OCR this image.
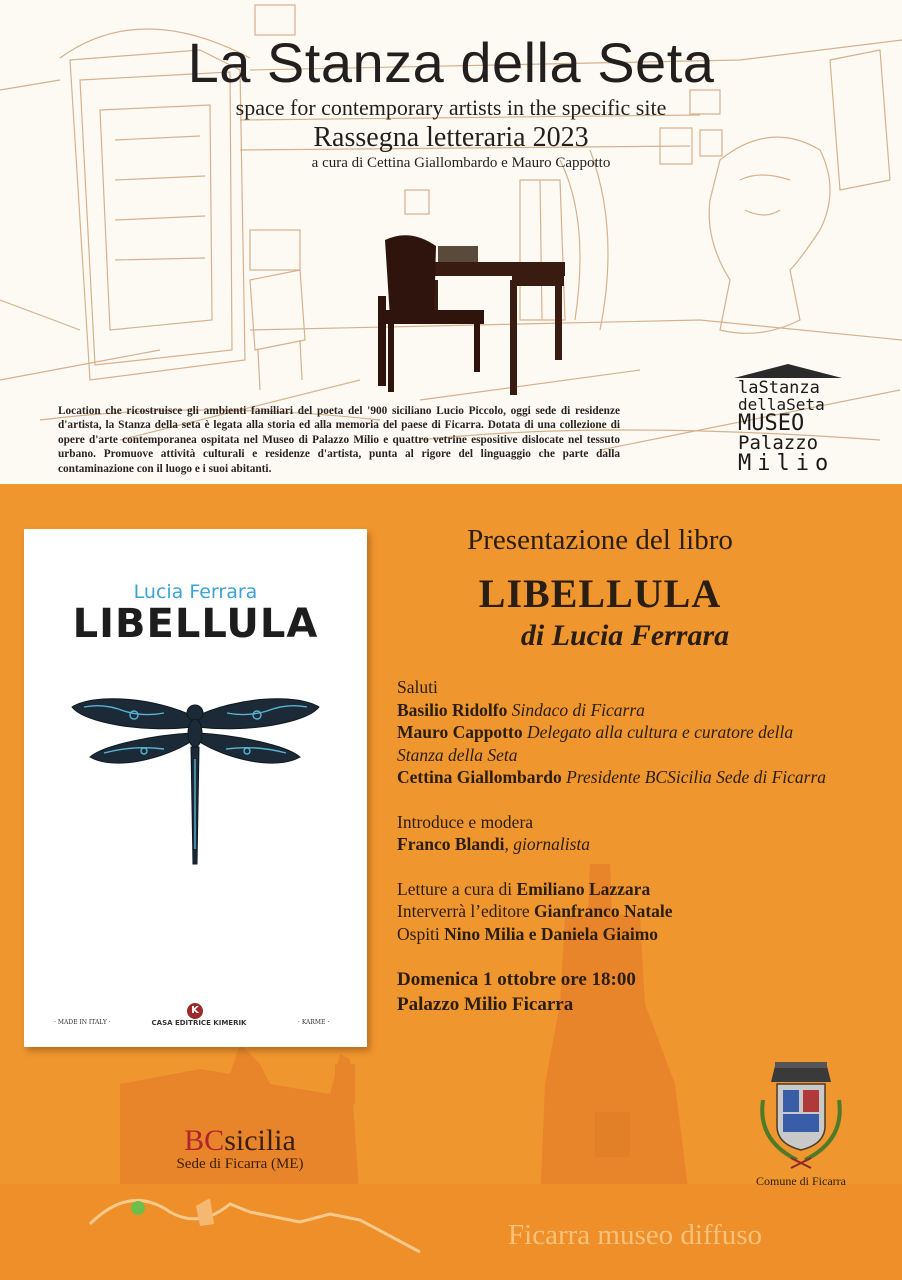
La Stanza della Seta
space for contemporary artists in the specific site
Rassegna letteraria 2023
a cura di Cettina Giallombardo e Mauro Cappotto
Location che ricostruisce gli ambienti familiari del poeta del '900 siciliano Lucio Piccolo, oggi sede di residenze d'artista, la Stanza della seta è legata alla storia ed alla memoria del paese di Ficarra. Dotata di una collezione di opere d'arte contemporanea ospitata nel Museo di Palazzo Milio e quattro vetrine espositive dislocate nel tessuto urbano. Promuove attività culturali e residenze d'artista, punta al rigore del linguaggio che parte dalla contaminazione con il luogo e i suoi abitanti.
laStanza
dellaSeta
MUSEO
Palazzo
Milio
Lucia Ferrara
LIBELLULA
· MADE IN ITALY ·
K
CASA EDITRICE KIMERIK	· KARME ·
Presentazione del libro
LIBELLULA
di Lucia Ferrara
Saluti
Basilio Ridolfo Sindaco di Ficarra
Mauro Cappotto Delegato alla cultura e curatore della
Stanza della Seta
Cettina Giallombardo Presidente BCSicilia Sede di Ficarra
Introduce e modera
Franco Blandi, giornalista
Letture a cura di Emiliano Lazzara
Interverrà l’editore Gianfranco Natale
Ospiti Nino Milia e Daniela Giaimo
Domenica 1 ottobre ore 18:00
Palazzo Milio Ficarra
BCsicilia
Sede di Ficarra (ME)
Comune di Ficarra
Ficarra museo diffuso
